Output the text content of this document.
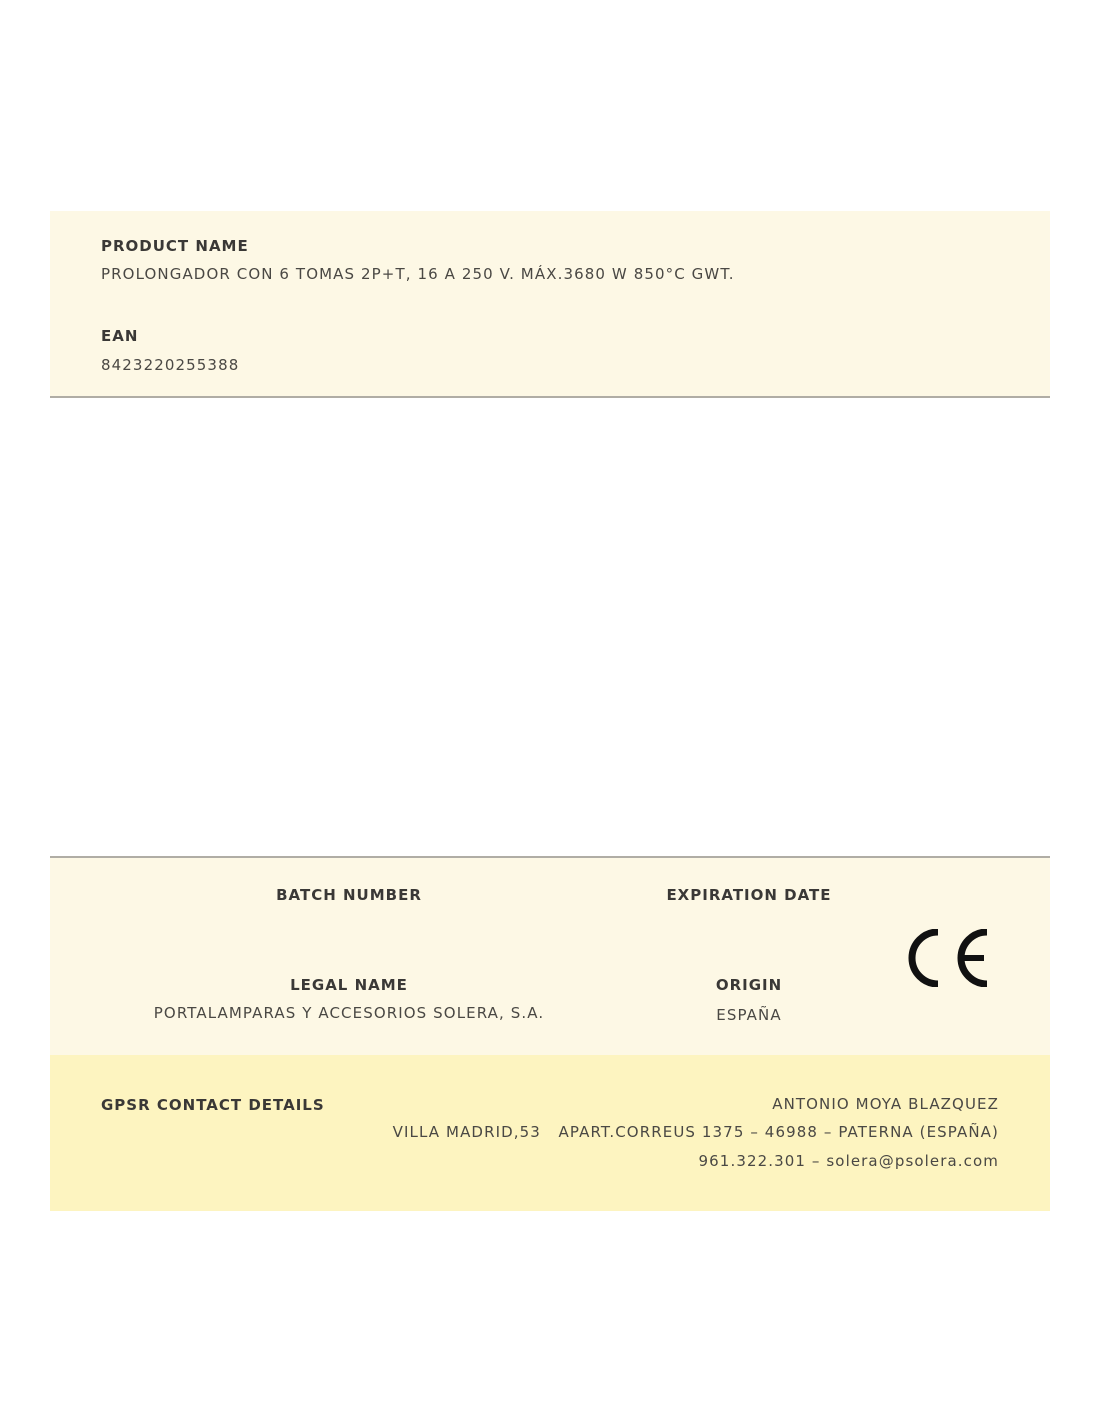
PRODUCT NAME
PROLONGADOR CON 6 TOMAS 2P+T, 16 A 250 V. MÁX.3680 W 850°C GWT.
EAN
8423220255388
BATCH NUMBER	EXPIRATION DATE
LEGAL NAME
PORTALAMPARAS Y ACCESORIOS SOLERA, S.A.
ORIGIN
ESPAÑA
GPSR CONTACT DETAILS	ANTONIO MOYA BLAZQUEZ
VILLA MADRID,53   APART.CORREUS 1375 – 46988 – PATERNA (ESPAÑA)
961.322.301 – solera@psolera.com
